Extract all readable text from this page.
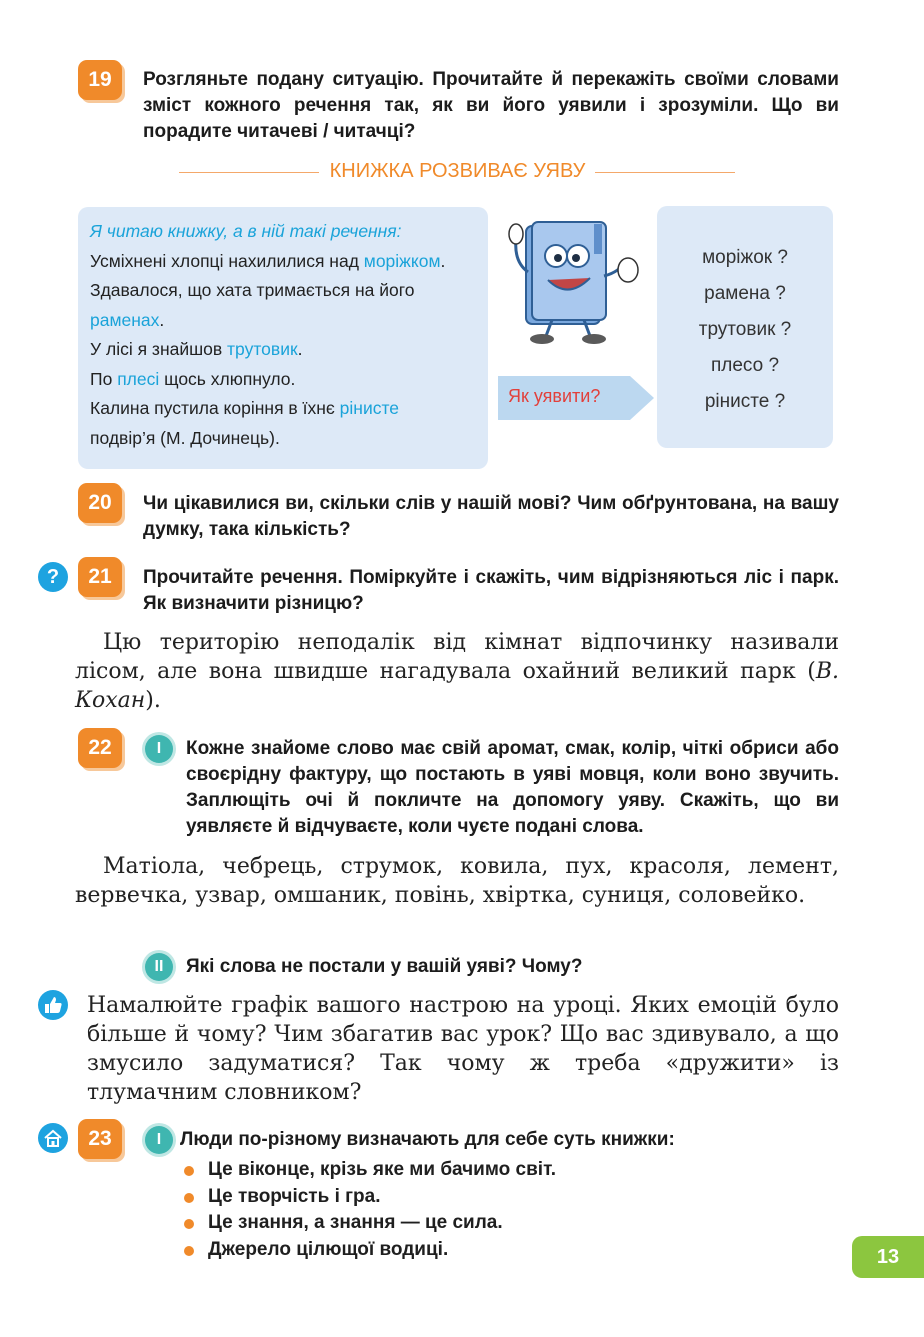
19	Розгляньте подану ситуацію. Прочитайте й перекажіть своїми словами зміст кожного речення так, як ви його уявили і зрозуміли. Що ви порадите читачеві / читачці?
КНИЖКА РОЗВИВАЄ УЯВУ
Я читаю книжку, а в ній такі речення:
Усміхнені хлопці нахилилися над моріжком.
Здавалося, що хата тримається на його
раменах.
У лісі я знайшов трутовик.
По плесі щось хлюпнуло.
Калина пустила коріння в їхнє рінисте
подвір’я (М. Дочинець).
Як уявити?

моріжок ?

рамена ?

трутовик ?

плесо ?

рінисте ?

20	Чи цікавилися ви, скільки слів у нашій мові? Чим обґрунтована, на вашу думку, така кількість?
?	21	Прочитайте речення. Поміркуйте і скажіть, чим відрізняються ліс і парк. Як визначити різницю?
Цю територію неподалік від кімнат відпочинку називали лісом, але вона швидше нагадувала охайний великий парк (В. Кохан).
22	I	Кожне знайоме слово має свій аромат, смак, колір, чіткі обриси або своєрідну фактуру, що постають в уяві мовця, коли воно звучить. Заплющіть очі й покличте на допомогу уяву. Скажіть, що ви уявляєте й відчуваєте, коли чуєте подані слова.
Матіола, чебрець, струмок, ковила, пух, красоля, лемент, вервечка, узвар, омшаник, повінь, хвіртка, суниця, соловейко.
II	Які слова не постали у вашій уяві? Чому?
Намалюйте графік вашого настрою на уроці. Яких емоцій було більше й чому? Чим збагатив вас урок? Що вас здивувало, а що змусило задуматися? Так чому ж треба «дружити» із тлумачним словником?
23	I Люди по-різному визначають для себе суть книжки:
Це віконце, крізь яке ми бачимо світ.
Це творчість і гра.
Це знання, а знання — це сила.
Джерело цілющої водиці.	13
